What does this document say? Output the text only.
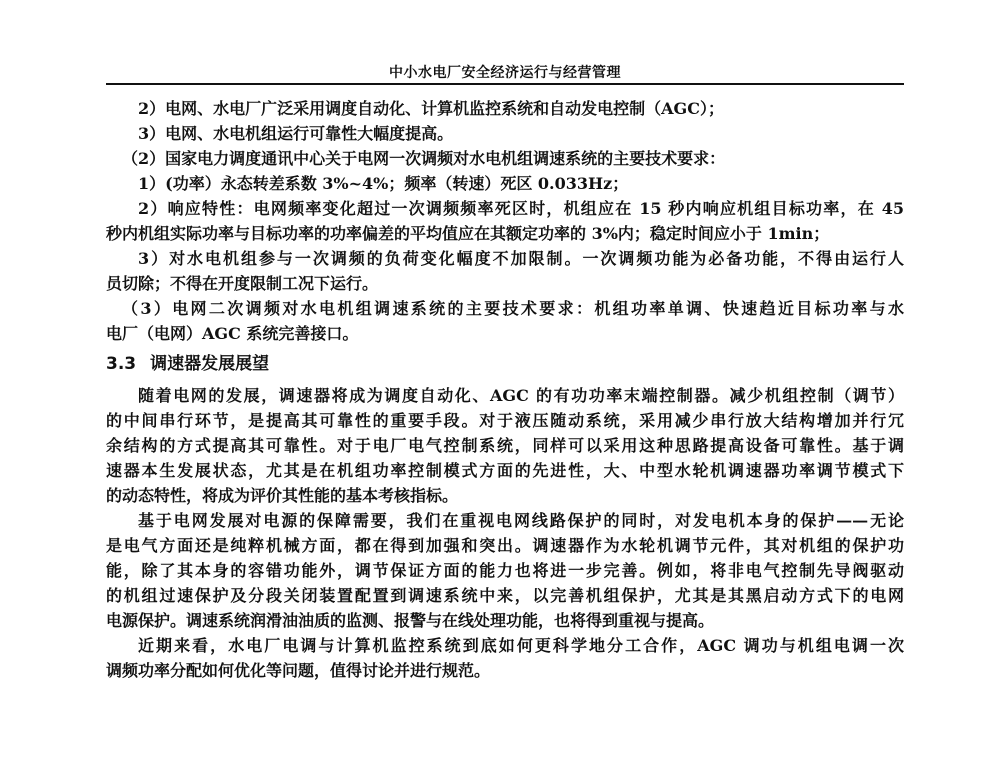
中小水电厂安全经济运行与经营管理
2）电网、水电厂广泛采用调度自动化、计算机监控系统和自动发电控制（AGC）；
3）电网、水电机组运行可靠性大幅度提高。
（2）国家电力调度通讯中心关于电网一次调频对水电机组调速系统的主要技术要求：
1）(功率）永态转差系数 3%~4%；频率（转速）死区 0.033Hz；
2）响应特性：电网频率变化超过一次调频频率死区时，机组应在 15 秒内响应机组目标功率，在 45
秒内机组实际功率与目标功率的功率偏差的平均值应在其额定功率的 3%内；稳定时间应小于 1min；
3）对水电机组参与一次调频的负荷变化幅度不加限制。一次调频功能为必备功能，不得由运行人
员切除；不得在开度限制工况下运行。
（3）电网二次调频对水电机组调速系统的主要技术要求：机组功率单调、快速趋近目标功率与水
电厂（电网）AGC 系统完善接口。
3.3 调速器发展展望
随着电网的发展，调速器将成为调度自动化、AGC 的有功功率末端控制器。减少机组控制（调节）
的中间串行环节，是提高其可靠性的重要手段。对于液压随动系统，采用减少串行放大结构增加并行冗
余结构的方式提高其可靠性。对于电厂电气控制系统，同样可以采用这种思路提高设备可靠性。基于调
速器本生发展状态，尤其是在机组功率控制模式方面的先进性，大、中型水轮机调速器功率调节模式下
的动态特性，将成为评价其性能的基本考核指标。
基于电网发展对电源的保障需要，我们在重视电网线路保护的同时，对发电机本身的保护——无论
是电气方面还是纯粹机械方面，都在得到加强和突出。调速器作为水轮机调节元件，其对机组的保护功
能，除了其本身的容错功能外，调节保证方面的能力也将进一步完善。例如，将非电气控制先导阀驱动
的机组过速保护及分段关闭装置配置到调速系统中来，以完善机组保护，尤其是其黑启动方式下的电网
电源保护。调速系统润滑油油质的监测、报警与在线处理功能，也将得到重视与提高。
近期来看，水电厂电调与计算机监控系统到底如何更科学地分工合作，AGC 调功与机组电调一次
调频功率分配如何优化等问题，值得讨论并进行规范。
